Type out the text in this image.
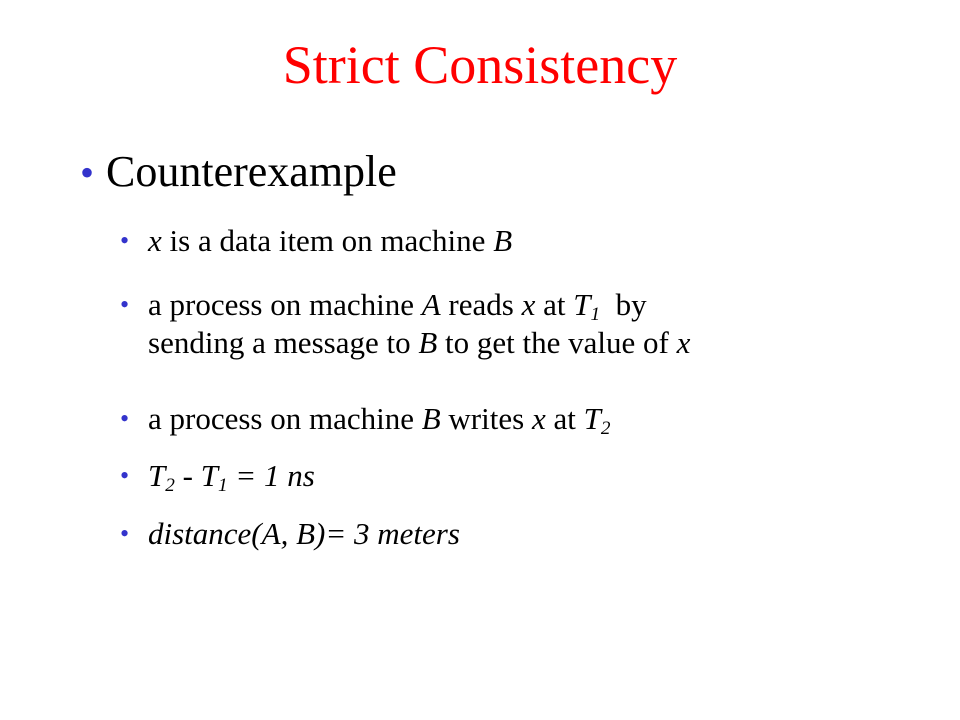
Strict Consistency
• Counterexample
• x is a data item on machine B
• a process on machine A reads x at $T_1$  by
sending a message to B to get the value of x
• a process on machine B writes x at $T_2$
• $T_2 - T_1 = 1$ ns
• distance(A, B)= 3 meters
